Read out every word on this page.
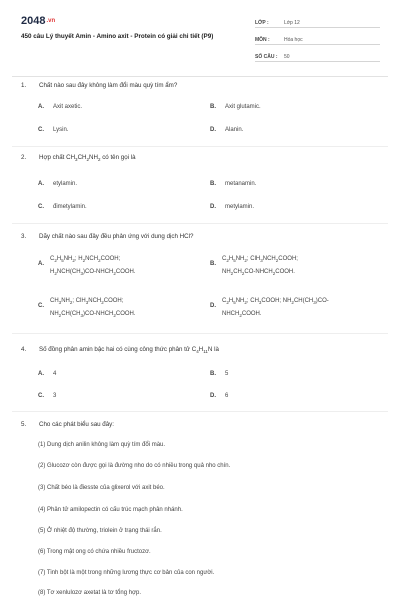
2048.vn
450 câu Lý thuyết Amin - Amino axit - Protein có giải chi tiết (P9)
LỚP :	Lớp 12
MÔN :	Hóa học
SỐ CÂU :	50
1. Chất nào sau đây không làm đổi màu quỳ tím ẩm?
A. Axit axetic.	B. Axit glutamic.
C. Lysin.	D. Alanin.
2. Hợp chất $CH_3CH_2NH_2$ có tên gọi là
A. etylamin.	B. metanamin.
C. đimetylamin.	D. metylamin.
3. Dãy chất nào sau đây đều phản ứng với dung dịch HCl?
A.
$C_2H_5NH_2$; $H_2NCH_2COOH$;
$H_2NCH(CH_3)CO-NHCH_2COOH$.
B.
$C_2H_5NH_2$; $ClH_3NCH_2COOH$;
$NH_2CH_2CO-NHCH_2COOH$.
C.
$CH_3NH_2$; $ClH_3NCH_2COOH$;
$NH_2CH(CH_3)CO-NHCH_2COOH$.
D.
$C_2H_5NH_2$; $CH_3COOH$; $NH_2CH(CH_3)CO-$
$NHCH_2COOH$.
4. Số đồng phân amin bậc hai có cùng công thức phân tử $C_4H_{11}N$ là
A. 4	B. 5
C. 3	D. 6
5. Cho các phát biểu sau đây:
(1) Dung dịch anilin không làm quỳ tím đổi màu.
(2) Glucozơ còn được gọi là đường nho do có nhiều trong quả nho chín.
(3) Chất béo là điesste của glixerol với axit béo.
(4) Phân tử amilopectin có cấu trúc mạch phân nhánh.
(5) Ở nhiệt độ thường, triolein ở trạng thái rắn.
(6) Trong mật ong có chứa nhiều fructozơ.
(7) Tinh bột là một trong những lương thực cơ bản của con người.
(8) Tơ xenlulozơ axetat là tơ tổng hợp.
